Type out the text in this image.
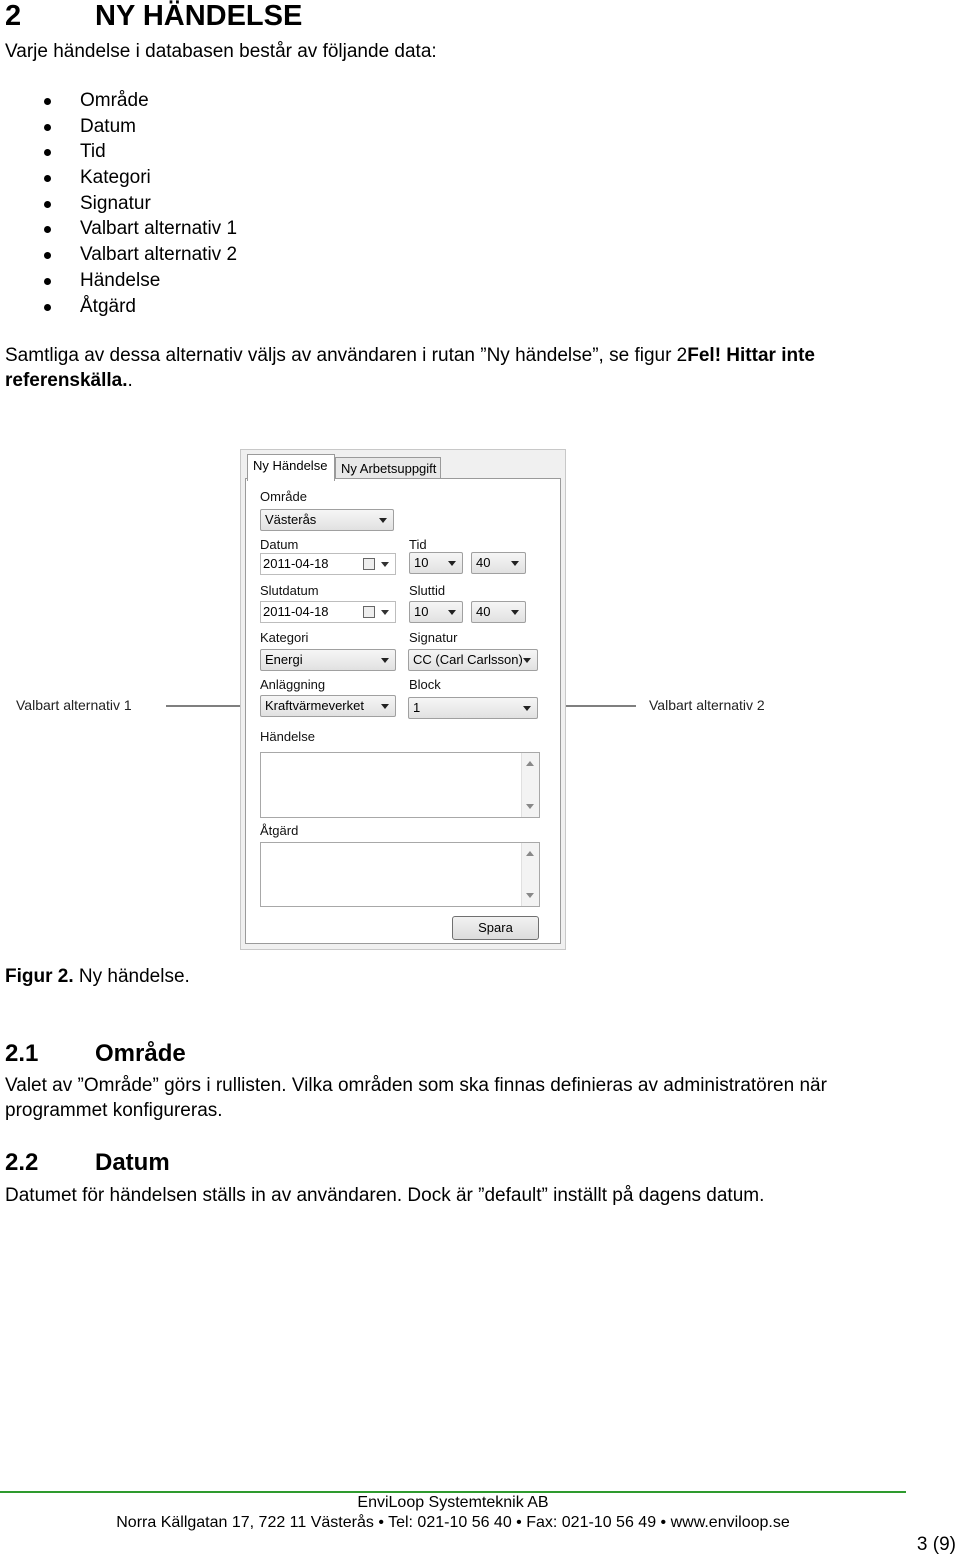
2	NY HÄNDELSE
Varje händelse i databasen består av följande data:
Område
Datum
Tid
Kategori
Signatur
Valbart alternativ 1
Valbart alternativ 2
Händelse
Åtgärd
Samtliga av dessa alternativ väljs av användaren i rutan ”Ny händelse”, se figur 2Fel! Hittar inte
referenskälla..
Valbart alternativ 1	Valbart alternativ 2
Ny Händelse	Ny Arbetsuppgift
Område
Västerås
Datum
2011-04-18
Tid
10	40
Slutdatum
2011-04-18
Sluttid
10	40
Kategori
Energi
Signatur
CC (Carl Carlsson)
Anläggning
Kraftvärmeverket
Block
1
Händelse
Åtgärd
Spara
Figur 2. Ny händelse.
2.1 Område
Valet av ”Område” görs i rullisten. Vilka områden som ska finnas definieras av administratören när
programmet konfigureras.
2.2 Datum
Datumet för händelsen ställs in av användaren. Dock är ”default” inställt på dagens datum.
EnviLoop Systemteknik AB
Norra Källgatan 17, 722 11 Västerås • Tel: 021-10 56 40 • Fax: 021-10 56 49 • www.enviloop.se
3 (9)
